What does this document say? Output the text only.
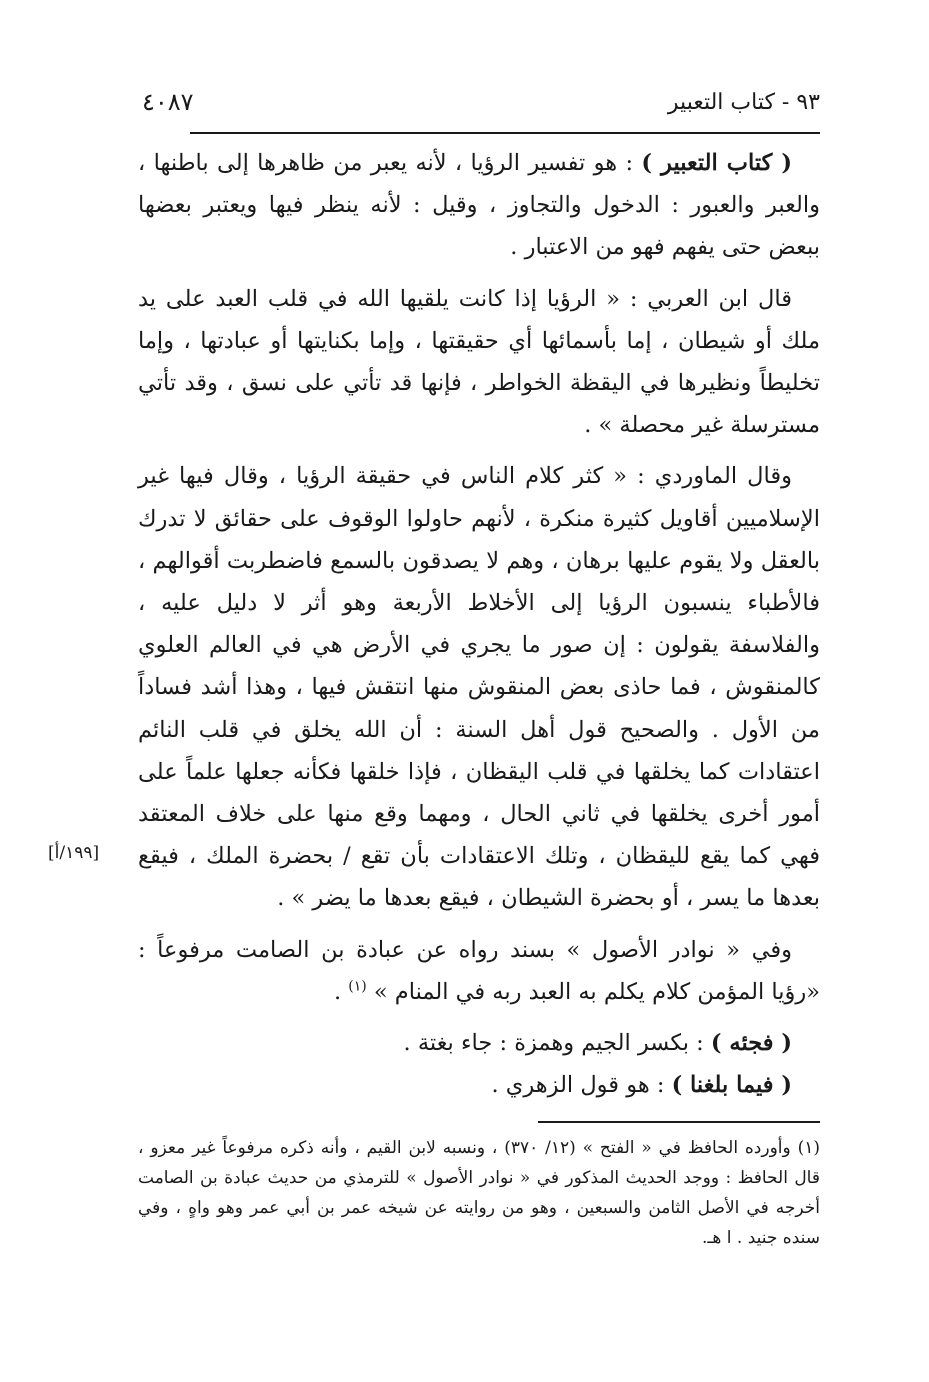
٩٣ - كتاب التعبير
٤٠٨٧

( كتاب التعبير ) : هو تفسير الرؤيا ، لأنه يعبر من ظاهرها إلى باطنها ، والعبر والعبور : الدخول والتجاوز ، وقيل : لأنه ينظر فيها ويعتبر بعضها ببعض حتى يفهم فهو من الاعتبار .

قال ابن العربي : « الرؤيا إذا كانت يلقيها الله في قلب العبد على يد ملك أو شيطان ، إما بأسمائها أي حقيقتها ، وإما بكنايتها أو عبادتها ، وإما تخليطاً ونظيرها في اليقظة الخواطر ، فإنها قد تأتي على نسق ، وقد تأتي مسترسلة غير محصلة » .

وقال الماوردي : « كثر كلام الناس في حقيقة الرؤيا ، وقال فيها غير الإسلاميين أقاويل كثيرة منكرة ، لأنهم حاولوا الوقوف على حقائق لا تدرك بالعقل ولا يقوم عليها برهان ، وهم لا يصدقون بالسمع فاضطربت أقوالهم ، فالأطباء ينسبون الرؤيا إلى الأخلاط الأربعة وهو أثر لا دليل عليه ، والفلاسفة يقولون : إن صور ما يجري في الأرض هي في العالم العلوي كالمنقوش ، فما حاذى بعض المنقوش منها انتقش فيها ، وهذا أشد فساداً من الأول . والصحيح قول أهل السنة : أن الله يخلق في قلب النائم اعتقادات كما يخلقها في قلب اليقظان ، فإذا خلقها فكأنه جعلها علماً على أمور أخرى يخلقها في ثاني الحال ، ومهما وقع منها على خلاف المعتقد فهي كما يقع لليقظان ، وتلك الاعتقادات بأن تقع / بحضرة الملك ، فيقع بعدها ما يسر ، أو بحضرة الشيطان ، فيقع بعدها ما يضر » .

وفي « نوادر الأصول » بسند رواه عن عبادة بن الصامت مرفوعاً : «رؤيا المؤمن كلام يكلم به العبد ربه في المنام » $^{(١)}$ .

( فجئه ) : بكسر الجيم وهمزة : جاء بغتة .

( فيما بلغنا ) : هو قول الزهري .

[١٩٩/أ]

(١) وأورده الحافظ في « الفتح » (١٢/ ٣٧٠) ، ونسبه لابن القيم ، وأنه ذكره مرفوعاً غير معزو ، قال الحافظ : ووجد الحديث المذكور في « نوادر الأصول » للترمذي من حديث عبادة بن الصامت أخرجه في الأصل الثامن والسبعين ، وهو من روايته عن شيخه عمر بن أبي عمر وهو واهٍ ، وفي سنده جنيد . ا هـ.
